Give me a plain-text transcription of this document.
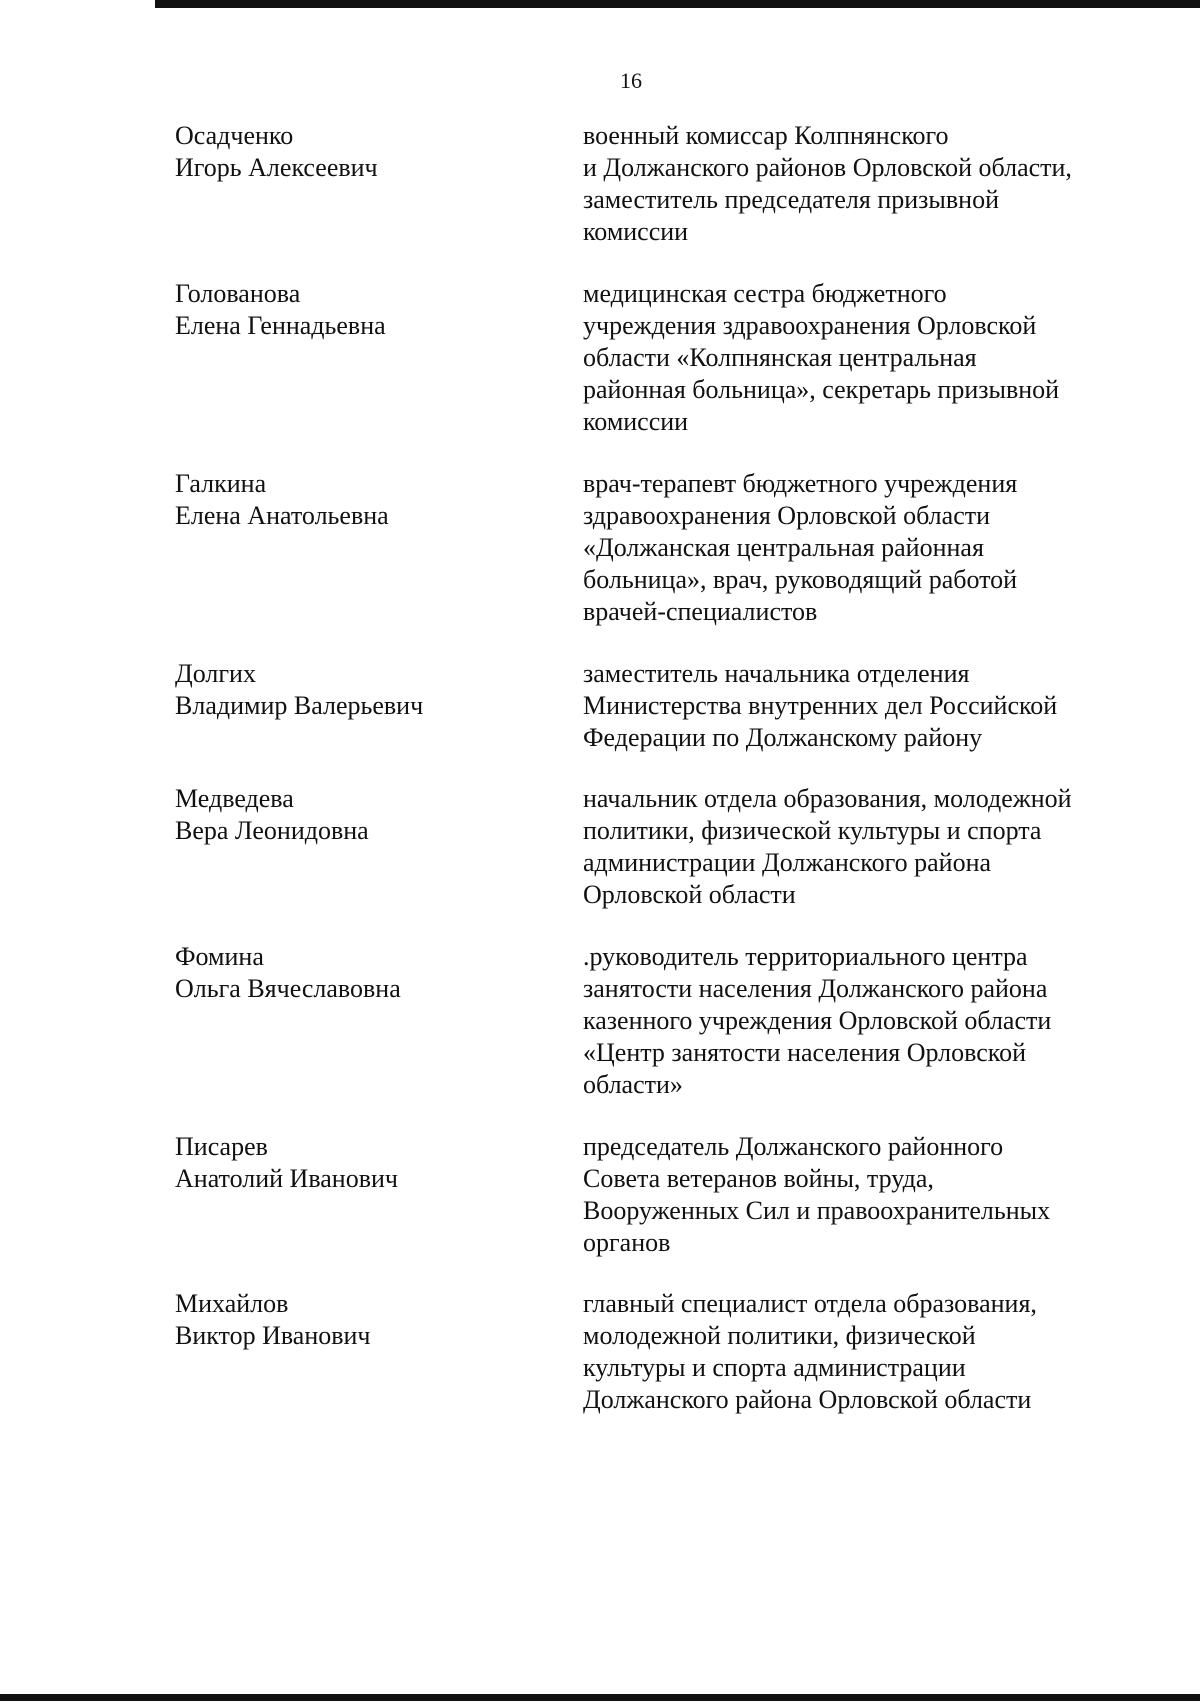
16
Осадченко
Игорь Алексеевич
военный комиссар Колпнянского
и Должанского районов Орловской области,
заместитель председателя призывной
комиссии
Голованова
Елена Геннадьевна
медицинская сестра бюджетного
учреждения здравоохранения Орловской
области «Колпнянская центральная
районная больница», секретарь призывной
комиссии
Галкина
Елена Анатольевна
врач-терапевт бюджетного учреждения
здравоохранения Орловской области
«Должанская центральная районная
больница», врач, руководящий работой
врачей-специалистов
Долгих
Владимир Валерьевич
заместитель начальника отделения
Министерства внутренних дел Российской
Федерации по Должанскому району
Медведева
Вера Леонидовна
начальник отдела образования, молодежной
политики, физической культуры и спорта
администрации Должанского района
Орловской области
Фомина
Ольга Вячеславовна
.руководитель территориального центра
занятости населения Должанского района
казенного учреждения Орловской области
«Центр занятости населения Орловской
области»
Писарев
Анатолий Иванович
председатель Должанского районного
Совета ветеранов войны, труда,
Вооруженных Сил и правоохранительных
органов
Михайлов
Виктор Иванович
главный специалист отдела образования,
молодежной политики, физической
культуры и спорта администрации
Должанского района Орловской области
